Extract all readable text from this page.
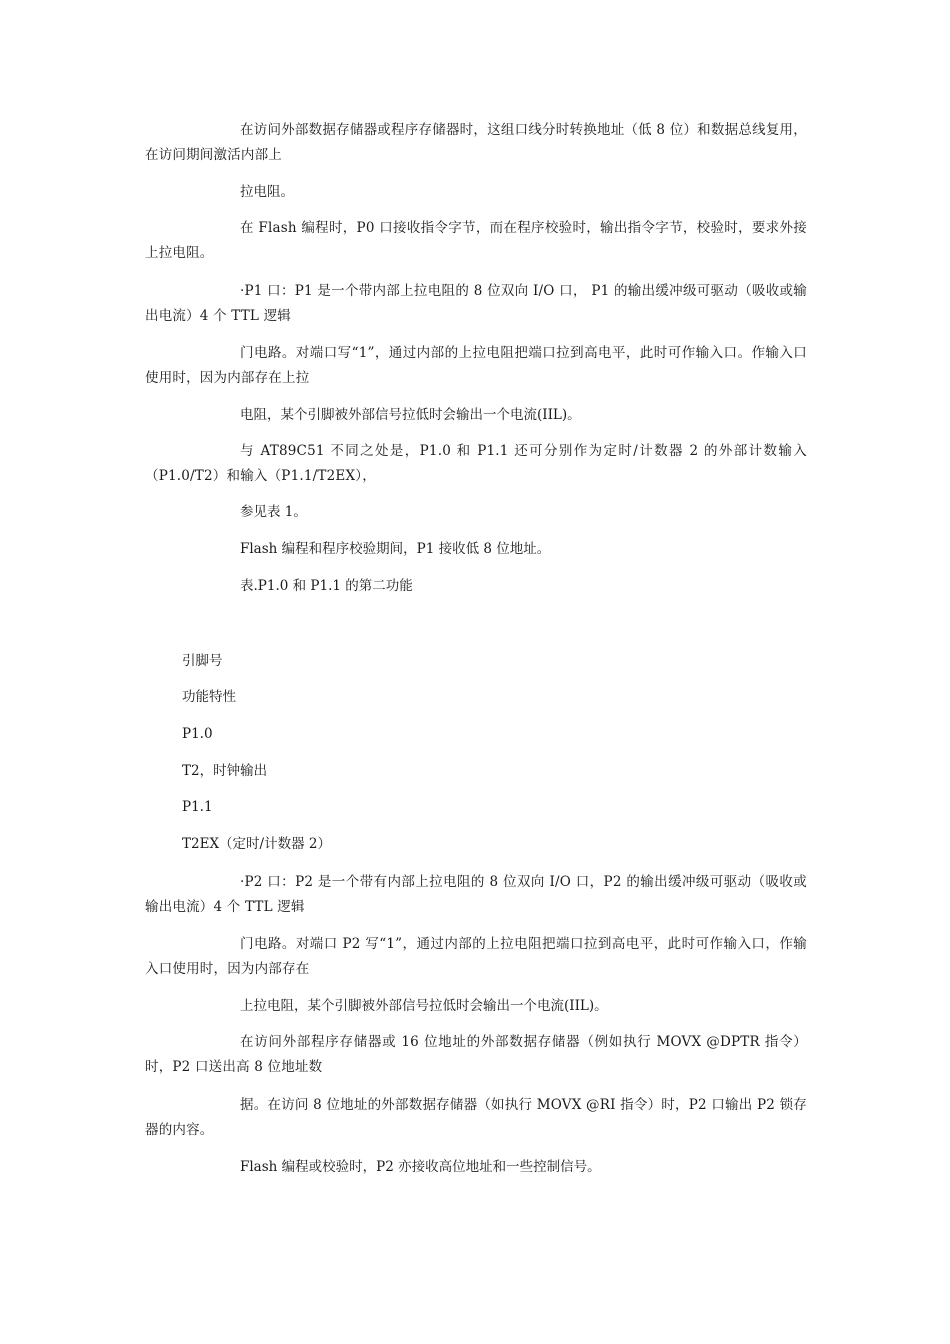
在访问外部数据存储器或程序存储器时，这组口线分时转换地址（低 8 位）和数据总线复用，在访问期间激活内部上

拉电阻。

在 Flash 编程时，P0 口接收指令字节，而在程序校验时，输出指令字节，校验时，要求外接上拉电阻。

·P1 口：P1 是一个带内部上拉电阻的 8 位双向 I/O 口， P1 的输出缓冲级可驱动（吸收或输出电流）4 个 TTL 逻辑

门电路。对端口写“1”，通过内部的上拉电阻把端口拉到高电平，此时可作输入口。作输入口使用时，因为内部存在上拉

电阻，某个引脚被外部信号拉低时会输出一个电流(IIL)。

与 AT89C51 不同之处是，P1.0 和 P1.1 还可分别作为定时/计数器 2 的外部计数输入（P1.0/T2）和输入（P1.1/T2EX），

参见表 1。

Flash 编程和程序校验期间，P1 接收低 8 位地址。

表.P1.0 和 P1.1 的第二功能

引脚号

功能特性

P1.0

T2，时钟输出

P1.1

T2EX（定时/计数器 2）

·P2 口：P2 是一个带有内部上拉电阻的 8 位双向 I/O 口，P2 的输出缓冲级可驱动（吸收或输出电流）4 个 TTL 逻辑

门电路。对端口 P2 写“1”，通过内部的上拉电阻把端口拉到高电平，此时可作输入口，作输入口使用时，因为内部存在

上拉电阻，某个引脚被外部信号拉低时会输出一个电流(IIL)。

在访问外部程序存储器或 16 位地址的外部数据存储器（例如执行 MOVX @DPTR 指令）时，P2 口送出高 8 位地址数

据。在访问 8 位地址的外部数据存储器（如执行 MOVX @RI 指令）时，P2 口输出 P2 锁存器的内容。

Flash 编程或校验时，P2 亦接收高位地址和一些控制信号。
